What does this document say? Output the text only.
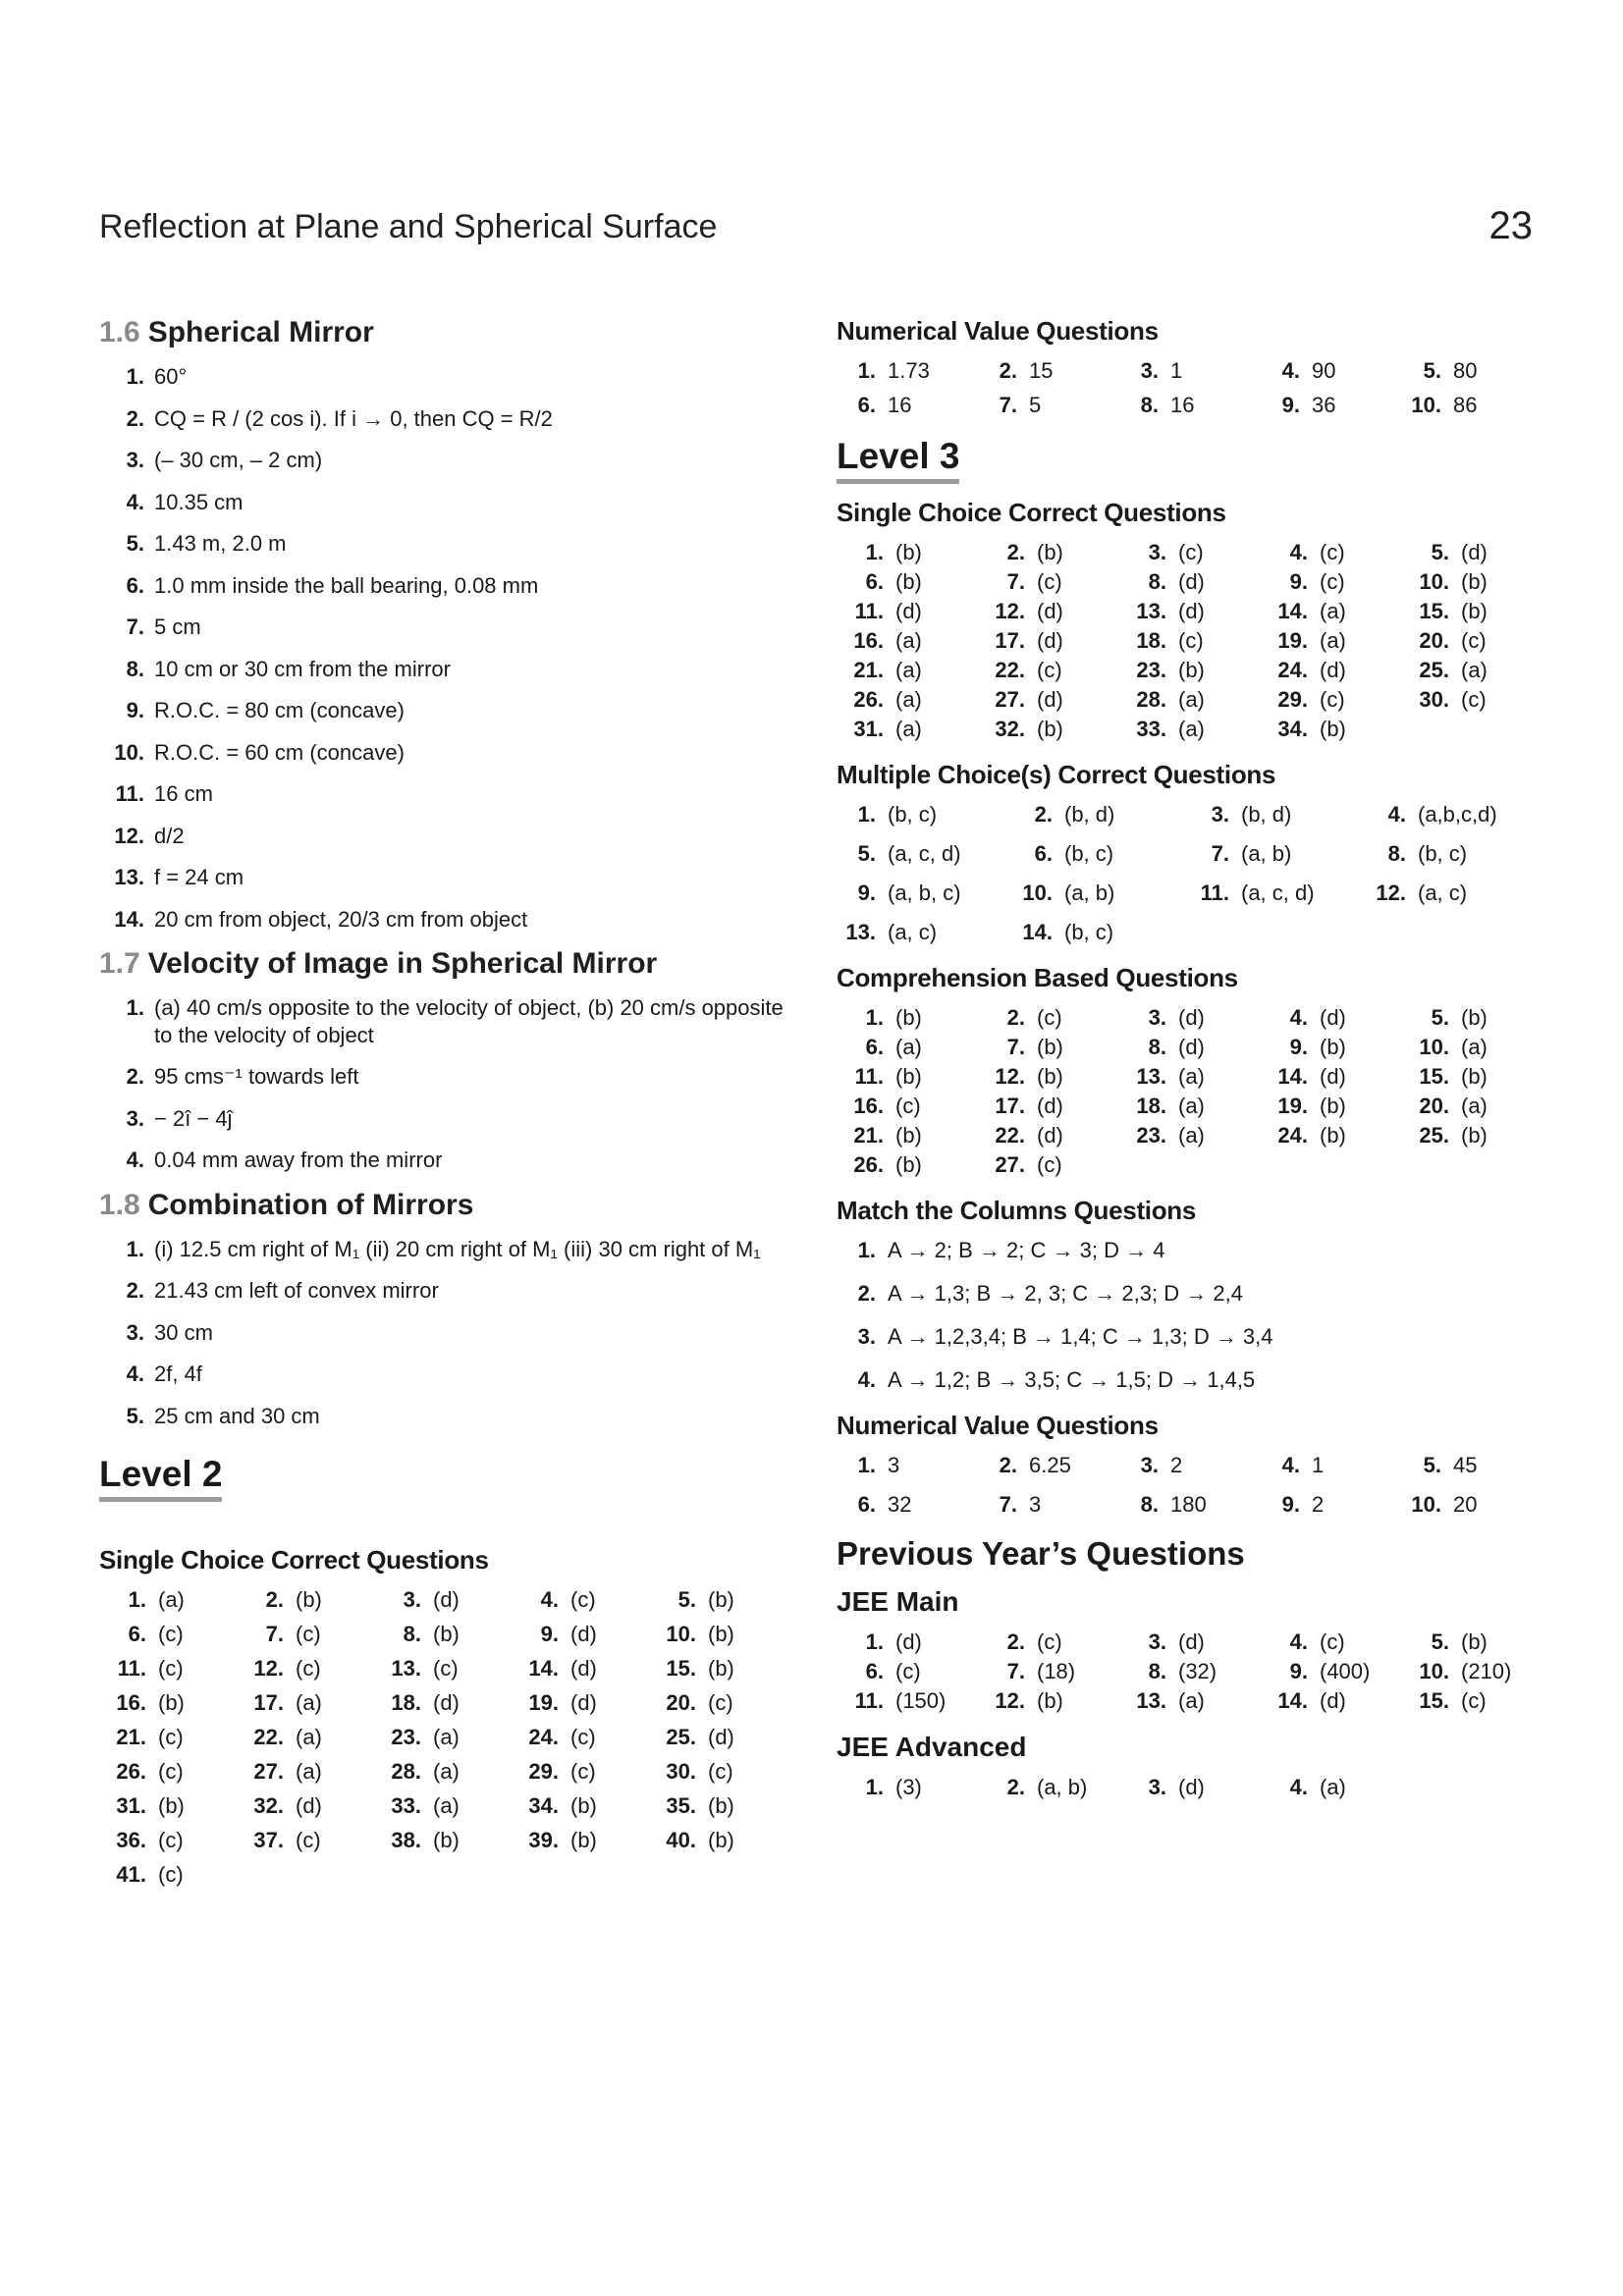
Reflection at Plane and Spherical Surface	23
1.6 Spherical Mirror
1. 60°
2. CQ = R / (2 cos i). If i → 0, then CQ = R/2
3. (– 30 cm, – 2 cm)
4. 10.35 cm
5. 1.43 m, 2.0 m
6. 1.0 mm inside the ball bearing, 0.08 mm
7. 5 cm
8. 10 cm or 30 cm from the mirror
9. R.O.C. = 80 cm (concave)
10. R.O.C. = 60 cm (concave)
11. 16 cm
12. d/2
13. f = 24 cm
14. 20 cm from object, 20/3 cm from object
1.7 Velocity of Image in Spherical Mirror
1. (a) 40 cm/s opposite to the velocity of object, (b) 20 cm/s opposite to the velocity of object
2. 95 cms⁻¹ towards left
3. − 2î − 4ĵ
4. 0.04 mm away from the mirror
1.8 Combination of Mirrors
1. (i) 12.5 cm right of M₁ (ii) 20 cm right of M₁ (iii) 30 cm right of M₁
2. 21.43 cm left of convex mirror
3. 30 cm
4. 2f, 4f
5. 25 cm and 30 cm
Level 2
Single Choice Correct Questions
1. (a)	2. (b)	3. (d)	4. (c)	5. (b)
6. (c)	7. (c)	8. (b)	9. (d)	10. (b)
11. (c)	12. (c)	13. (c)	14. (d)	15. (b)
16. (b)	17. (a)	18. (d)	19. (d)	20. (c)
21. (c)	22. (a)	23. (a)	24. (c)	25. (d)
26. (c)	27. (a)	28. (a)	29. (c)	30. (c)
31. (b)	32. (d)	33. (a)	34. (b)	35. (b)
36. (c)	37. (c)	38. (b)	39. (b)	40. (b)
41. (c)
Numerical Value Questions
1. 1.73	2. 15	3. 1	4. 90	5. 80
6. 16	7. 5	8. 16	9. 36	10. 86
Level 3
Single Choice Correct Questions
1. (b)	2. (b)	3. (c)	4. (c)	5. (d)
6. (b)	7. (c)	8. (d)	9. (c)	10. (b)
11. (d)	12. (d)	13. (d)	14. (a)	15. (b)
16. (a)	17. (d)	18. (c)	19. (a)	20. (c)
21. (a)	22. (c)	23. (b)	24. (d)	25. (a)
26. (a)	27. (d)	28. (a)	29. (c)	30. (c)
31. (a)	32. (b)	33. (a)	34. (b)
Multiple Choice(s) Correct Questions
1. (b, c)	2. (b, d)	3. (b, d)	4. (a,b,c,d)
5. (a, c, d)	6. (b, c)	7. (a, b)	8. (b, c)
9. (a, b, c)	10. (a, b)	11. (a, c, d)	12. (a, c)
13. (a, c)	14. (b, c)
Comprehension Based Questions
1. (b)	2. (c)	3. (d)	4. (d)	5. (b)
6. (a)	7. (b)	8. (d)	9. (b)	10. (a)
11. (b)	12. (b)	13. (a)	14. (d)	15. (b)
16. (c)	17. (d)	18. (a)	19. (b)	20. (a)
21. (b)	22. (d)	23. (a)	24. (b)	25. (b)
26. (b)	27. (c)
Match the Columns Questions
1. A → 2; B → 2; C → 3; D → 4
2. A → 1,3; B → 2, 3; C → 2,3; D → 2,4
3. A → 1,2,3,4; B → 1,4; C → 1,3; D → 3,4
4. A → 1,2; B → 3,5; C → 1,5; D → 1,4,5
Numerical Value Questions
1. 3	2. 6.25	3. 2	4. 1	5. 45
6. 32	7. 3	8. 180	9. 2	10. 20
Previous Year’s Questions
JEE Main
1. (d)	2. (c)	3. (d)	4. (c)	5. (b)
6. (c)	7. (18)	8. (32)	9. (400)	10. (210)
11. (150)	12. (b)	13. (a)	14. (d)	15. (c)
JEE Advanced
1. (3)	2. (a, b)	3. (d)	4. (a)
